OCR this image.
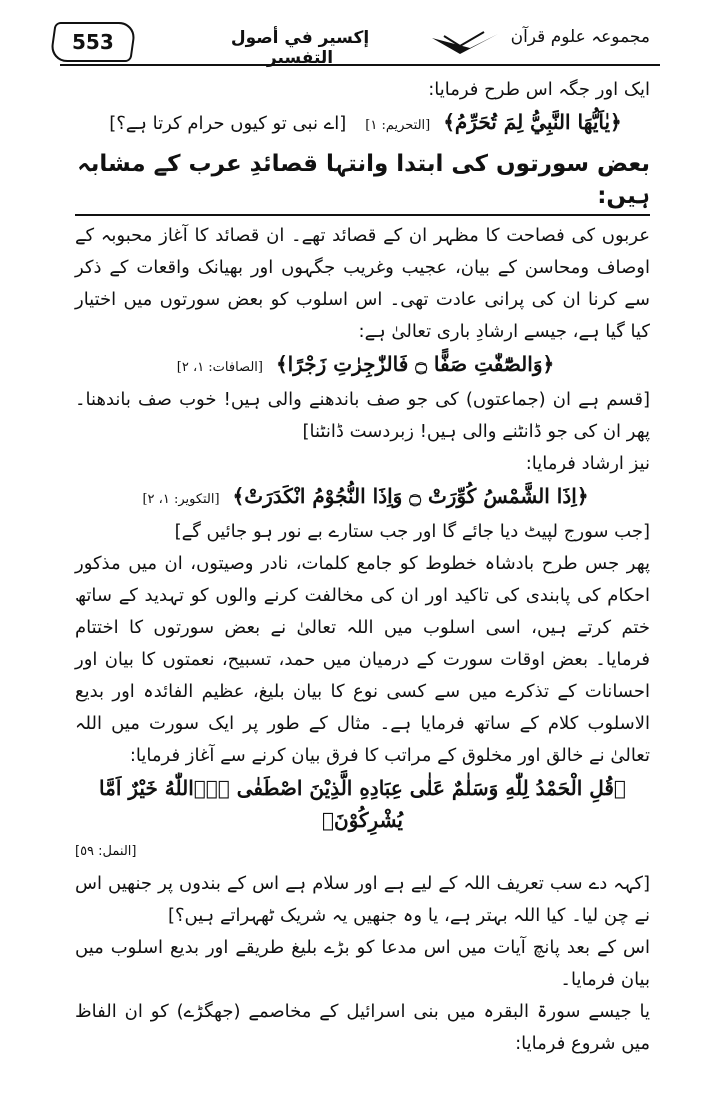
553	إكسير في أصول التفسير
مجموعہ علوم قرآن

ایک اور جگہ اس طرح فرمایا:

﴿يٰاَيُّهَا النَّبِيُّ لِمَ تُحَرِّمُ﴾ [التحریم: ١] [اے نبی تو کیوں حرام کرتا ہے؟]

بعض سورتوں کی ابتدا وانتہا قصائدِ عرب کے مشابہ ہیں:

عربوں کی فصاحت کا مظہر ان کے قصائد تھے۔ ان قصائد کا آغاز محبوبہ کے اوصاف ومحاسن کے بیان، عجیب وغریب جگہوں اور بھیانک واقعات کے ذکر سے کرنا ان کی پرانی عادت تھی۔ اس اسلوب کو بعض سورتوں میں اختیار کیا گیا ہے، جیسے ارشادِ باری تعالیٰ ہے:

﴿وَالصّٰٓفّٰتِ صَفًّا ۝ فَالزّٰجِرٰتِ زَجْرًا﴾ [الصافات: ١، ٢]

[قسم ہے ان (جماعتوں) کی جو صف باندھنے والی ہیں! خوب صف باندھنا۔ پھر ان کی جو ڈانٹنے والی ہیں! زبردست ڈانٹنا]

نیز ارشاد فرمایا:

﴿اِذَا الشَّمْسُ كُوِّرَتْ ۝ وَاِذَا النُّجُوْمُ انْكَدَرَتْ﴾ [التکویر: ١، ٢]

[جب سورج لپیٹ دیا جائے گا اور جب ستارے بے نور ہو جائیں گے]

پھر جس طرح بادشاہ خطوط کو جامع کلمات، نادر وصیتوں، ان میں مذکور احکام کی پابندی کی تاکید اور ان کی مخالفت کرنے والوں کو تہدید کے ساتھ ختم کرتے ہیں، اسی اسلوب میں اللہ تعالیٰ نے بعض سورتوں کا اختتام فرمایا۔ بعض اوقات سورت کے درمیان میں حمد، تسبیح، نعمتوں کا بیان اور احسانات کے تذکرے میں سے کسی نوع کا بیان بلیغ، عظیم الفائدہ اور بدیع الاسلوب کلام کے ساتھ فرمایا ہے۔ مثال کے طور پر ایک سورت میں اللہ تعالیٰ نے خالق اور مخلوق کے مراتب کا فرق بیان کرنے سے آغاز فرمایا:

﴿قُلِ الْحَمْدُ لِلّٰهِ وَسَلٰمٌ عَلٰى عِبَادِهِ الَّذِيْنَ اصْطَفٰى ءٰۤاللّٰهُ خَيْرٌ اَمَّا يُشْرِكُوْنَ﴾

[النمل: ٥٩]

[کہہ دے سب تعریف اللہ کے لیے ہے اور سلام ہے اس کے بندوں پر جنھیں اس نے چن لیا۔ کیا اللہ بہتر ہے، یا وہ جنھیں یہ شریک ٹھہراتے ہیں؟]

اس کے بعد پانچ آیات میں اس مدعا کو بڑے بلیغ طریقے اور بدیع اسلوب میں بیان فرمایا۔

یا جیسے سورۃ البقرہ میں بنی اسرائیل کے مخاصمے (جھگڑے) کو ان الفاظ میں شروع فرمایا:
